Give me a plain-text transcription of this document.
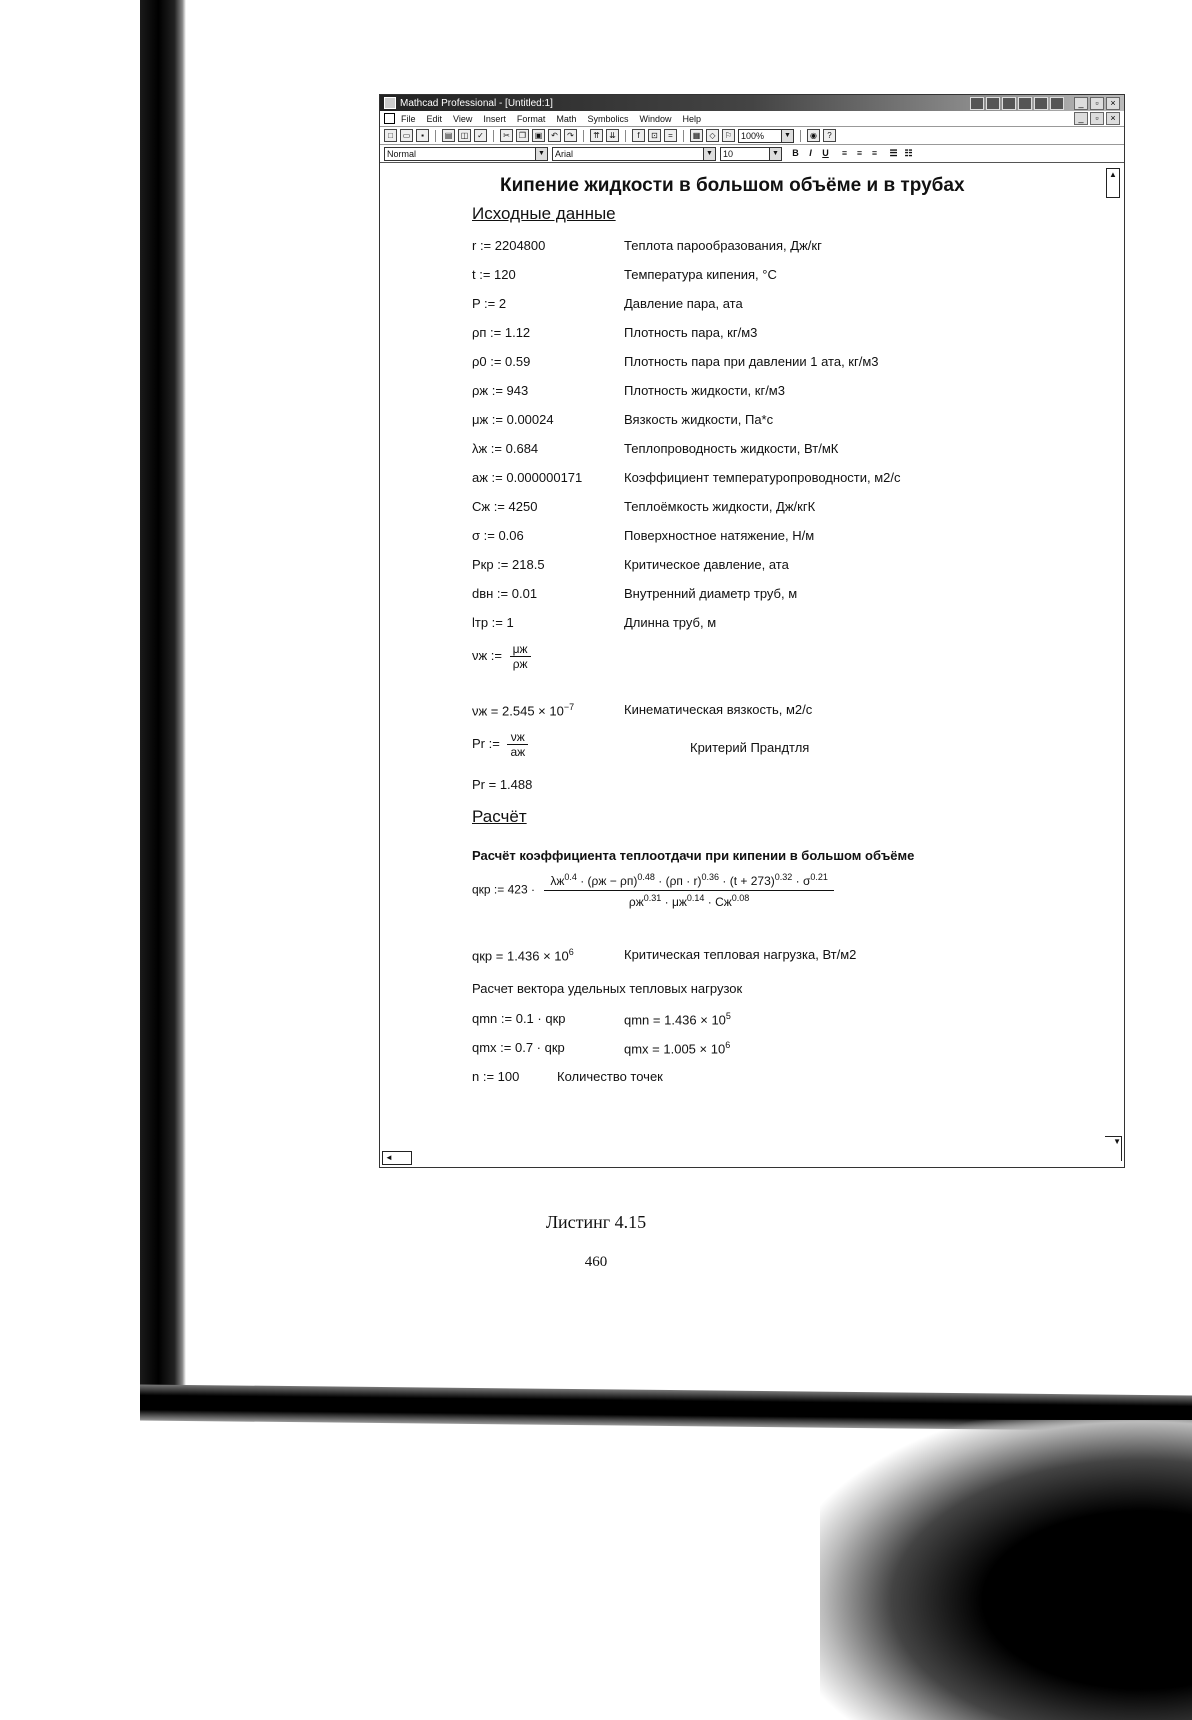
Mathcad Professional - [Untitled:1]	_	▫	×
File Edit View Insert Format Math Symbolics Window Help	_	▫	×
□	▭	▪	▤	◫	✓	✂	❐	▣	↶	↷	⇈	⇊	f	⊡	=	▦	◇	⚐ 100%	▼	◉	?
Normal	▼ Arial	▼ 10	▼ B	I	U	≡	≡	≡	☰ ☷
▲
Кипение жидкости в большом объёме и в трубах
Исходные данные
r := 2204800	Теплота парообразования, Дж/кг
t := 120	Температура кипения, °C
P := 2	Давление пара, ата
ρп := 1.12	Плотность пара, кг/м3
ρ0 := 0.59	Плотность пара при давлении 1 ата, кг/м3
ρж := 943	Плотность жидкости, кг/м3
μж := 0.00024	Вязкость жидкости, Па*с
λж := 0.684	Теплопроводность жидкости, Вт/мК
aж := 0.000000171	Коэффициент температуропроводности, м2/с
Cж := 4250	Теплоёмкость жидкости, Дж/кгК
σ := 0.06	Поверхностное натяжение, Н/м
Pкр := 218.5	Критическое давление, ата
dвн := 0.01	Внутренний диаметр труб, м
lтр := 1	Длинна труб, м
νж := $\frac{\mu ж}{\rho ж}$
$\nu ж = 2.545 \times 10^{-7}$	Кинематическая вязкость, м2/с
Pr := $\frac{\nu ж}{aж}$	Критерий Прандтля
Pr = 1.488
Расчёт
Расчёт коэффициента теплоотдачи при кипении в большом объёме
qкр := $423 \cdot \frac{\lambda ж^{0.4} \cdot (\rho ж - \rho п)^{0.48} \cdot (\rho п \cdot r)^{0.36} \cdot (t + 273)^{0.32} \cdot \sigma^{0.21}}{\rho ж^{0.31} \cdot \mu ж^{0.14} \cdot Cж^{0.08}}$
qкр = $1.436 \times 10^6$	Критическая тепловая нагрузка, Вт/м2
Расчет вектора удельных тепловых нагрузок
qmn := 0.1 · qкр	qmn = $1.436 \times 10^5$
qmx := 0.7 · qкр	qmx = $1.005 \times 10^6$
n := 100	Количество точек
◄
▼
Листинг 4.15
460
